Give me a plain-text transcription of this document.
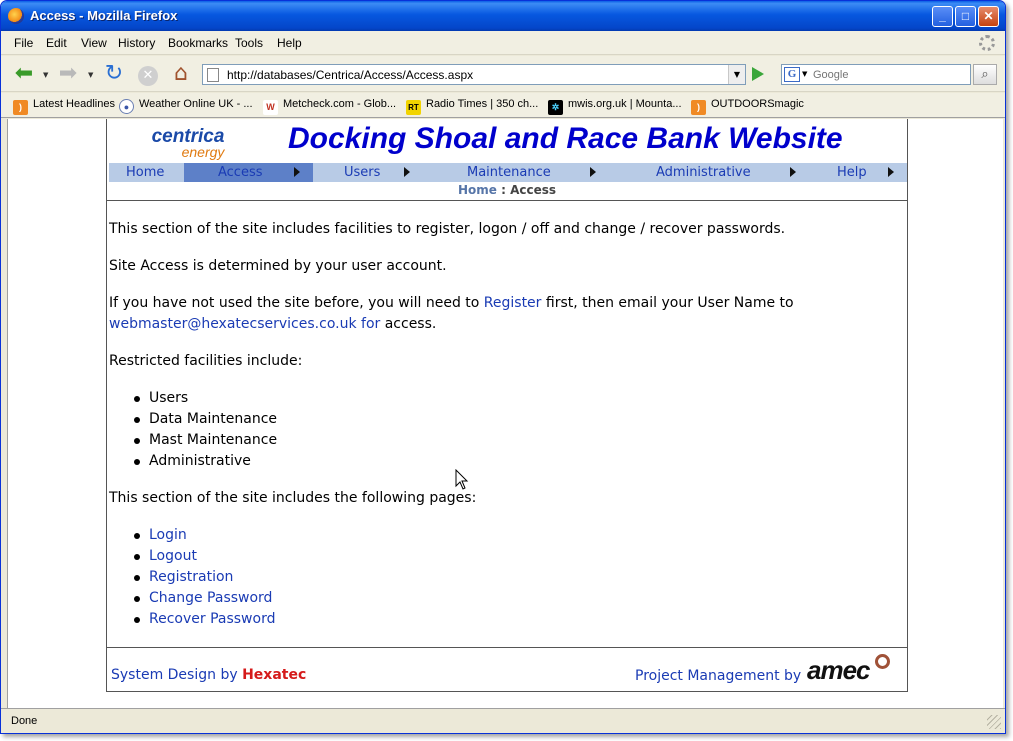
Access - Mozilla Firefox	_	□	✕
File Edit View History Bookmarks Tools Help
⬅	▼ ➡	▼ ↻	✕ ⌂	http://databases/Centrica/Access/Access.aspx	▼	G ▼
Google	⌕
) Latest Headlines ● Weather Online UK - ...	W Metcheck.com - Glob... RT Radio Times | 350 ch...	✲ mwis.org.uk | Mounta...	) OUTDOORSmagic
centrica
energy Docking Shoal and Race Bank Website
Home	Access	Users	Maintenance	Administrative	Help
Home : Access

This section of the site includes facilities to register, logon / off and change / recover passwords.

Site Access is determined by your user account.

If you have not used the site before, you will need to Register first, then email your User Name to webmaster@hexatecservices.co.uk for access.

Restricted facilities include:

Users
Data Maintenance
Mast Maintenance
Administrative

This section of the site includes the following pages:

Login
Logout
Registration
Change Password
Recover Password
System Design by Hexatec	Project Management by amec
Done
